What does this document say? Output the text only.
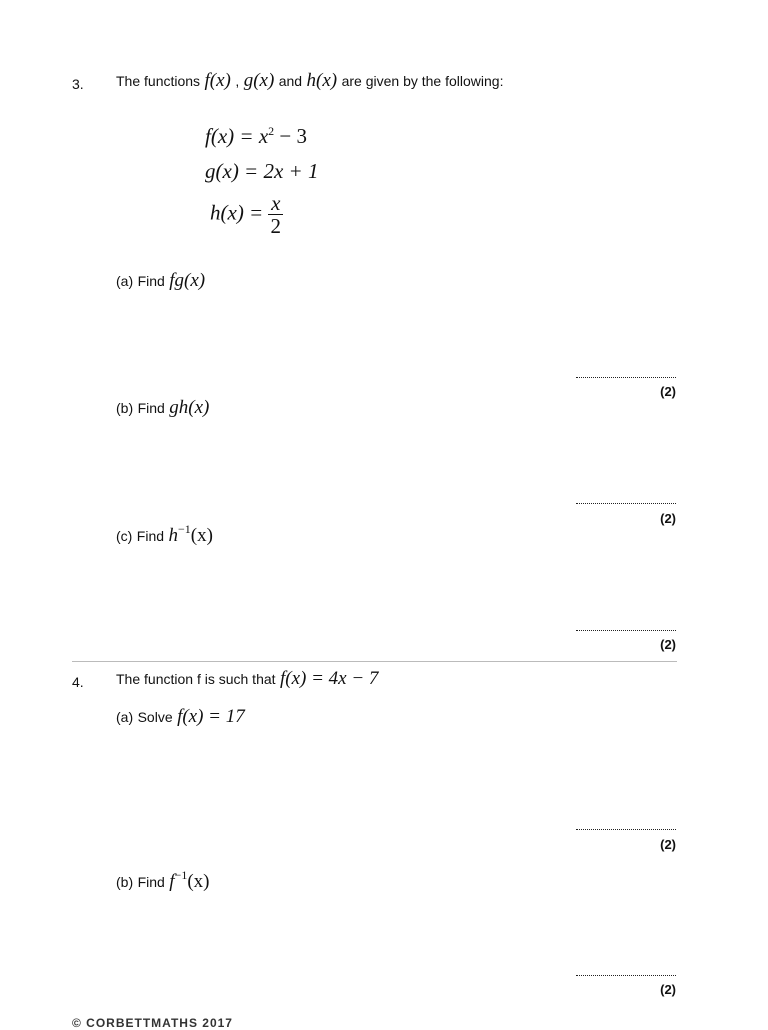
3. The functions f(x) , g(x) and h(x) are given by the following:
$f(x) = x^2 - 3$
g(x) = 2x + 1
$h(x) = \frac{x}{2}$
(a) Find fg(x)
(2)
(b) Find gh(x)
(2)
(c) Find $h^{-1}(x)$
(2)
4. The function f is such that f(x) = 4x − 7
(a) Solve f(x) = 17
(2)
(b) Find $f^{-1}(x)$
(2)
© CORBETTMATHS 2017
